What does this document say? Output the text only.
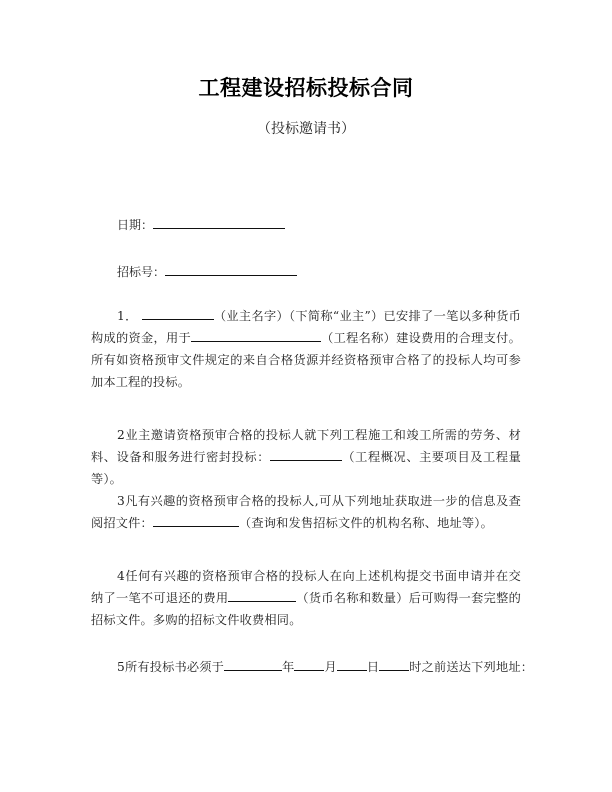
工程建设招标投标合同
（投标邀请书）
日期：
招标号：
1．	（业主名字）（下简称“业主”）已安排了一笔以多种货币构成的资金，用于	（工程名称）建设费用的合理支付。所有如资格预审文件规定的来自合格货源并经资格预审合格了的投标人均可参加本工程的投标。
2业主邀请资格预审合格的投标人就下列工程施工和竣工所需的劳务、材料、设备和服务进行密封投标：	（工程概况、主要项目及工程量等）。
3凡有兴趣的资格预审合格的投标人,可从下列地址获取进一步的信息及查阅招文件：	（查询和发售招标文件的机构名称、地址等）。
4任何有兴趣的资格预审合格的投标人在向上述机构提交书面申请并在交纳了一笔不可退还的费用	（货币名称和数量）后可购得一套完整的招标文件。多购的招标文件收费相同。
5所有投标书必须于	年 月 日 时之前送达下列地址：
